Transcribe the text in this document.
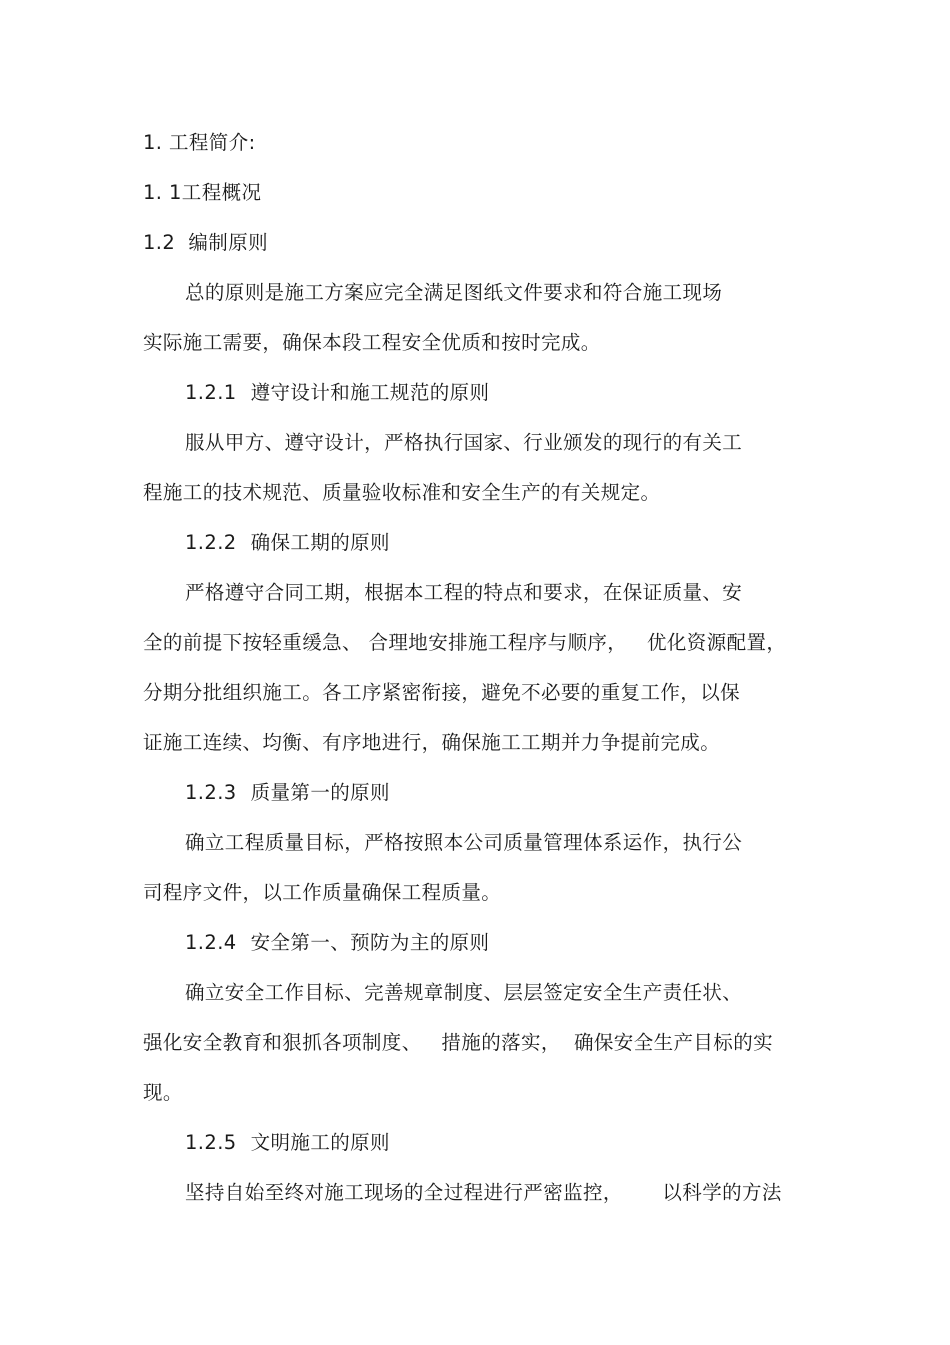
1. 工程简介:
1. 1工程概况
1.2  编制原则
总的原则是施工方案应完全满足图纸文件要求和符合施工现场
实际施工需要，确保本段工程安全优质和按时完成。
1.2.1 遵守设计和施工规范的原则
服从甲方、遵守设计，严格执行国家、行业颁发的现行的有关工
程施工的技术规范、质量验收标准和安全生产的有关规定。
1.2.2 确保工期的原则
严格遵守合同工期，根据本工程的特点和要求，在保证质量、安
全的前提下按轻重缓急、 合理地安排施工程序与顺序，   优化资源配置，
分期分批组织施工。各工序紧密衔接，避免不必要的重复工作，以保
证施工连续、均衡、有序地进行，确保施工工期并力争提前完成。
1.2.3 质量第一的原则
确立工程质量目标，严格按照本公司质量管理体系运作，执行公
司程序文件，以工作质量确保工程质量。
1.2.4 安全第一、预防为主的原则
确立安全工作目标、完善规章制度、层层签定安全生产责任状、
强化安全教育和狠抓各项制度、   措施的落实，  确保安全生产目标的实
现。
1.2.5 文明施工的原则
坚持自始至终对施工现场的全过程进行严密监控，      以科学的方法
